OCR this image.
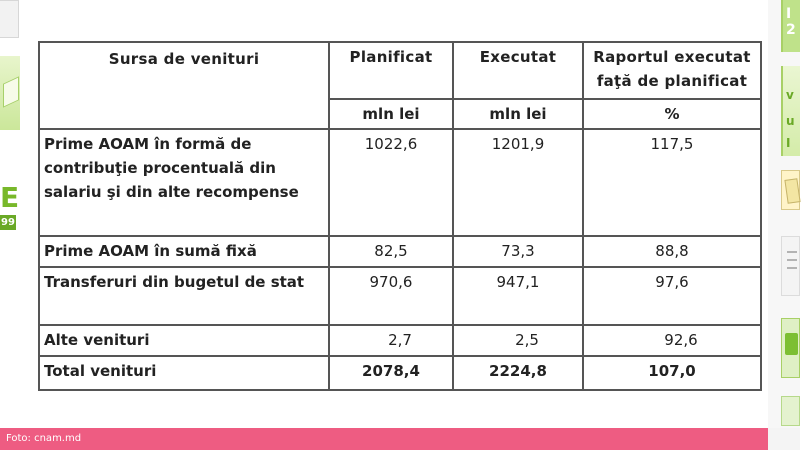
E
99
I
2
v
u
I
Sursa de venituri	Planificat	Executat	Raportul executat
faţă de planificat
	mln lei	mln lei	%
Prime AOAM în formă de contribuţie procentuală din salariu şi din alte recompense	1022,6	1201,9	117,5
Prime AOAM în sumă fixă	82,5	73,3	88,8
Transferuri din bugetul de stat	970,6	947,1	97,6
Alte venituri	2,7	2,5	92,6
Total venituri	2078,4	2224,8	107,0
Foto: cnam.md
